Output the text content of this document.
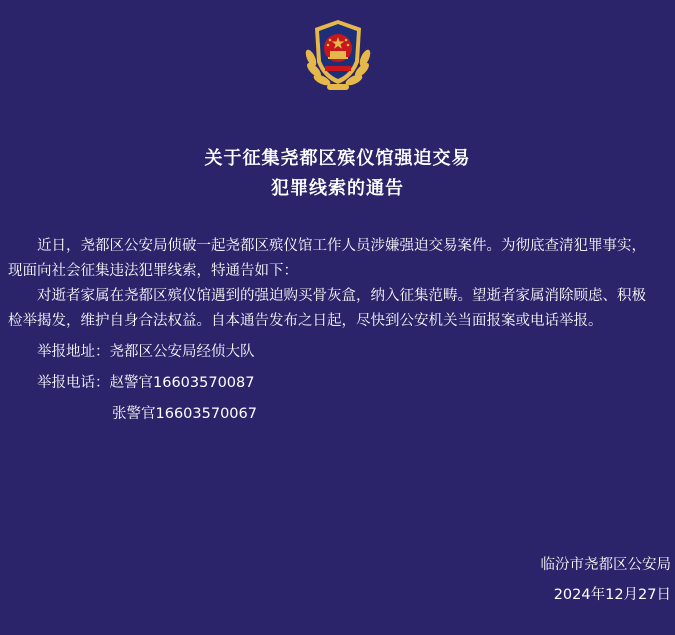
关于征集尧都区殡仪馆强迫交易
犯罪线索的通告

近日，尧都区公安局侦破一起尧都区殡仪馆工作人员涉嫌强迫交易案件。为彻底查清犯罪事实，现面向社会征集违法犯罪线索，特通告如下：

对逝者家属在尧都区殡仪馆遇到的强迫购买骨灰盒，纳入征集范畴。望逝者家属消除顾虑、积极检举揭发，维护自身合法权益。自本通告发布之日起，尽快到公安机关当面报案或电话举报。

举报地址：尧都区公安局经侦大队

举报电话：赵警官16603570087

张警官16603570067

临汾市尧都区公安局
2024年12月27日
